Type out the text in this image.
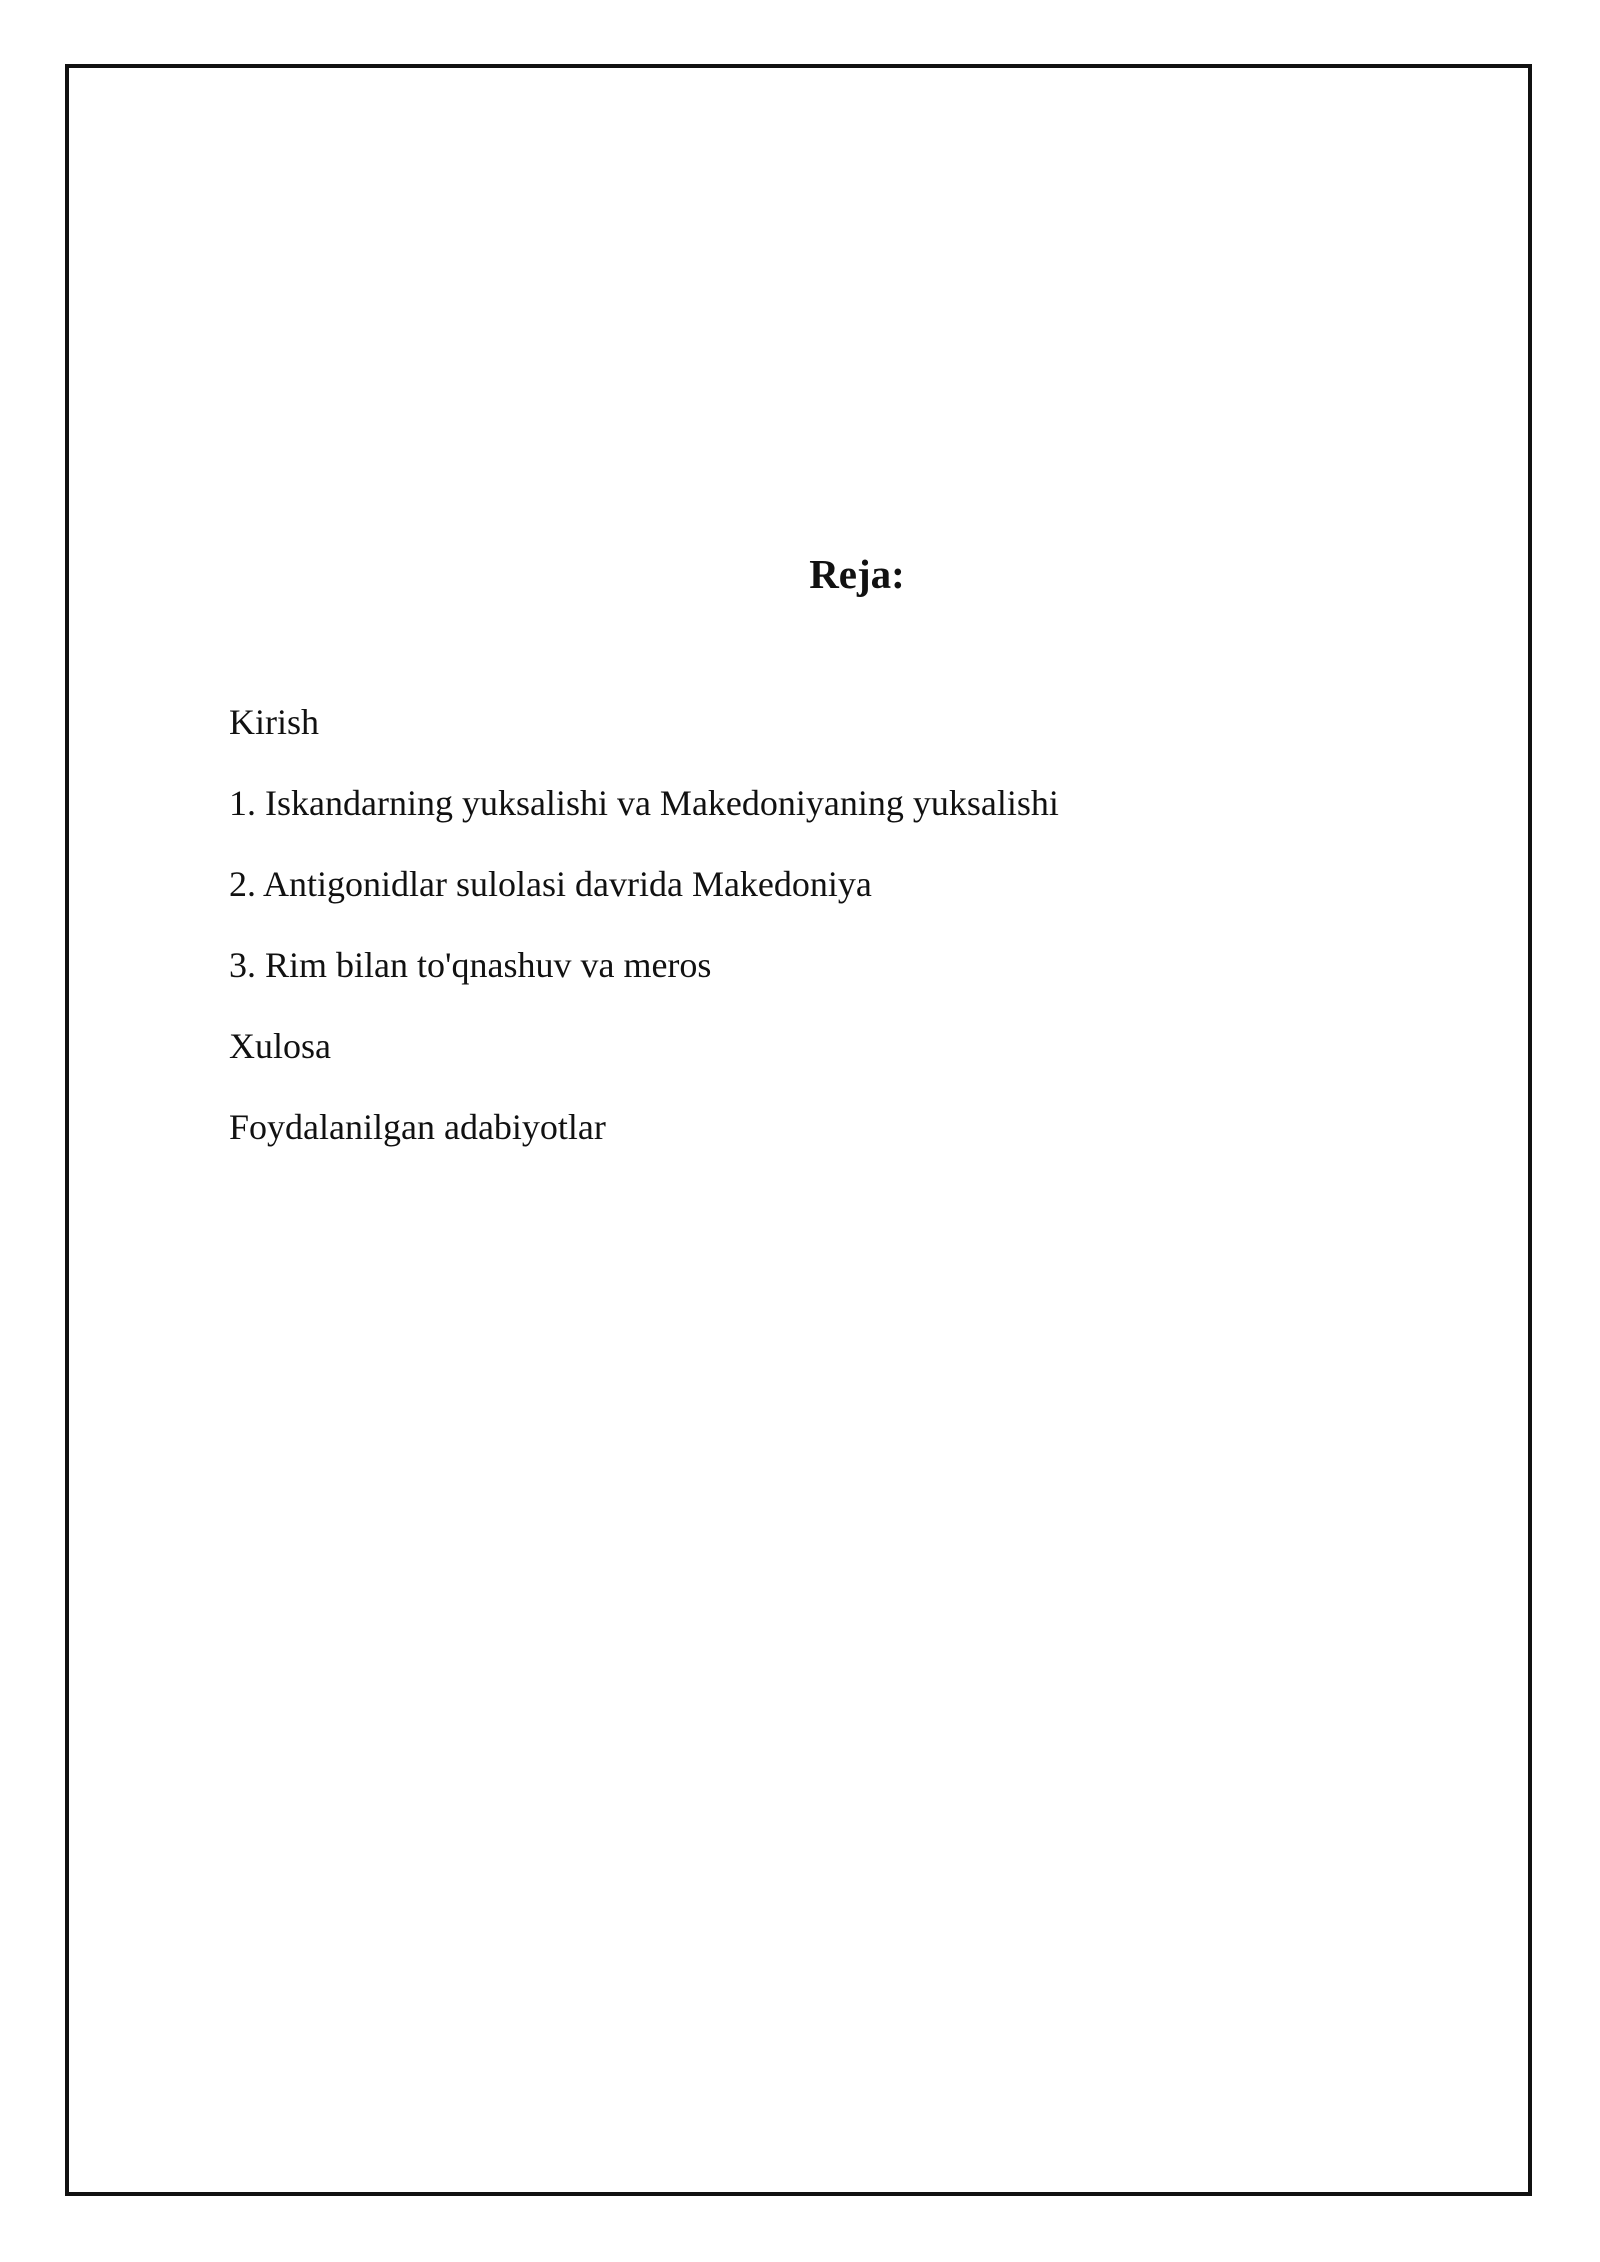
Reja:
Kirish
1. Iskandarning yuksalishi va Makedoniyaning yuksalishi
2. Antigonidlar sulolasi davrida Makedoniya
3. Rim bilan to'qnashuv va meros
Xulosa
Foydalanilgan adabiyotlar
